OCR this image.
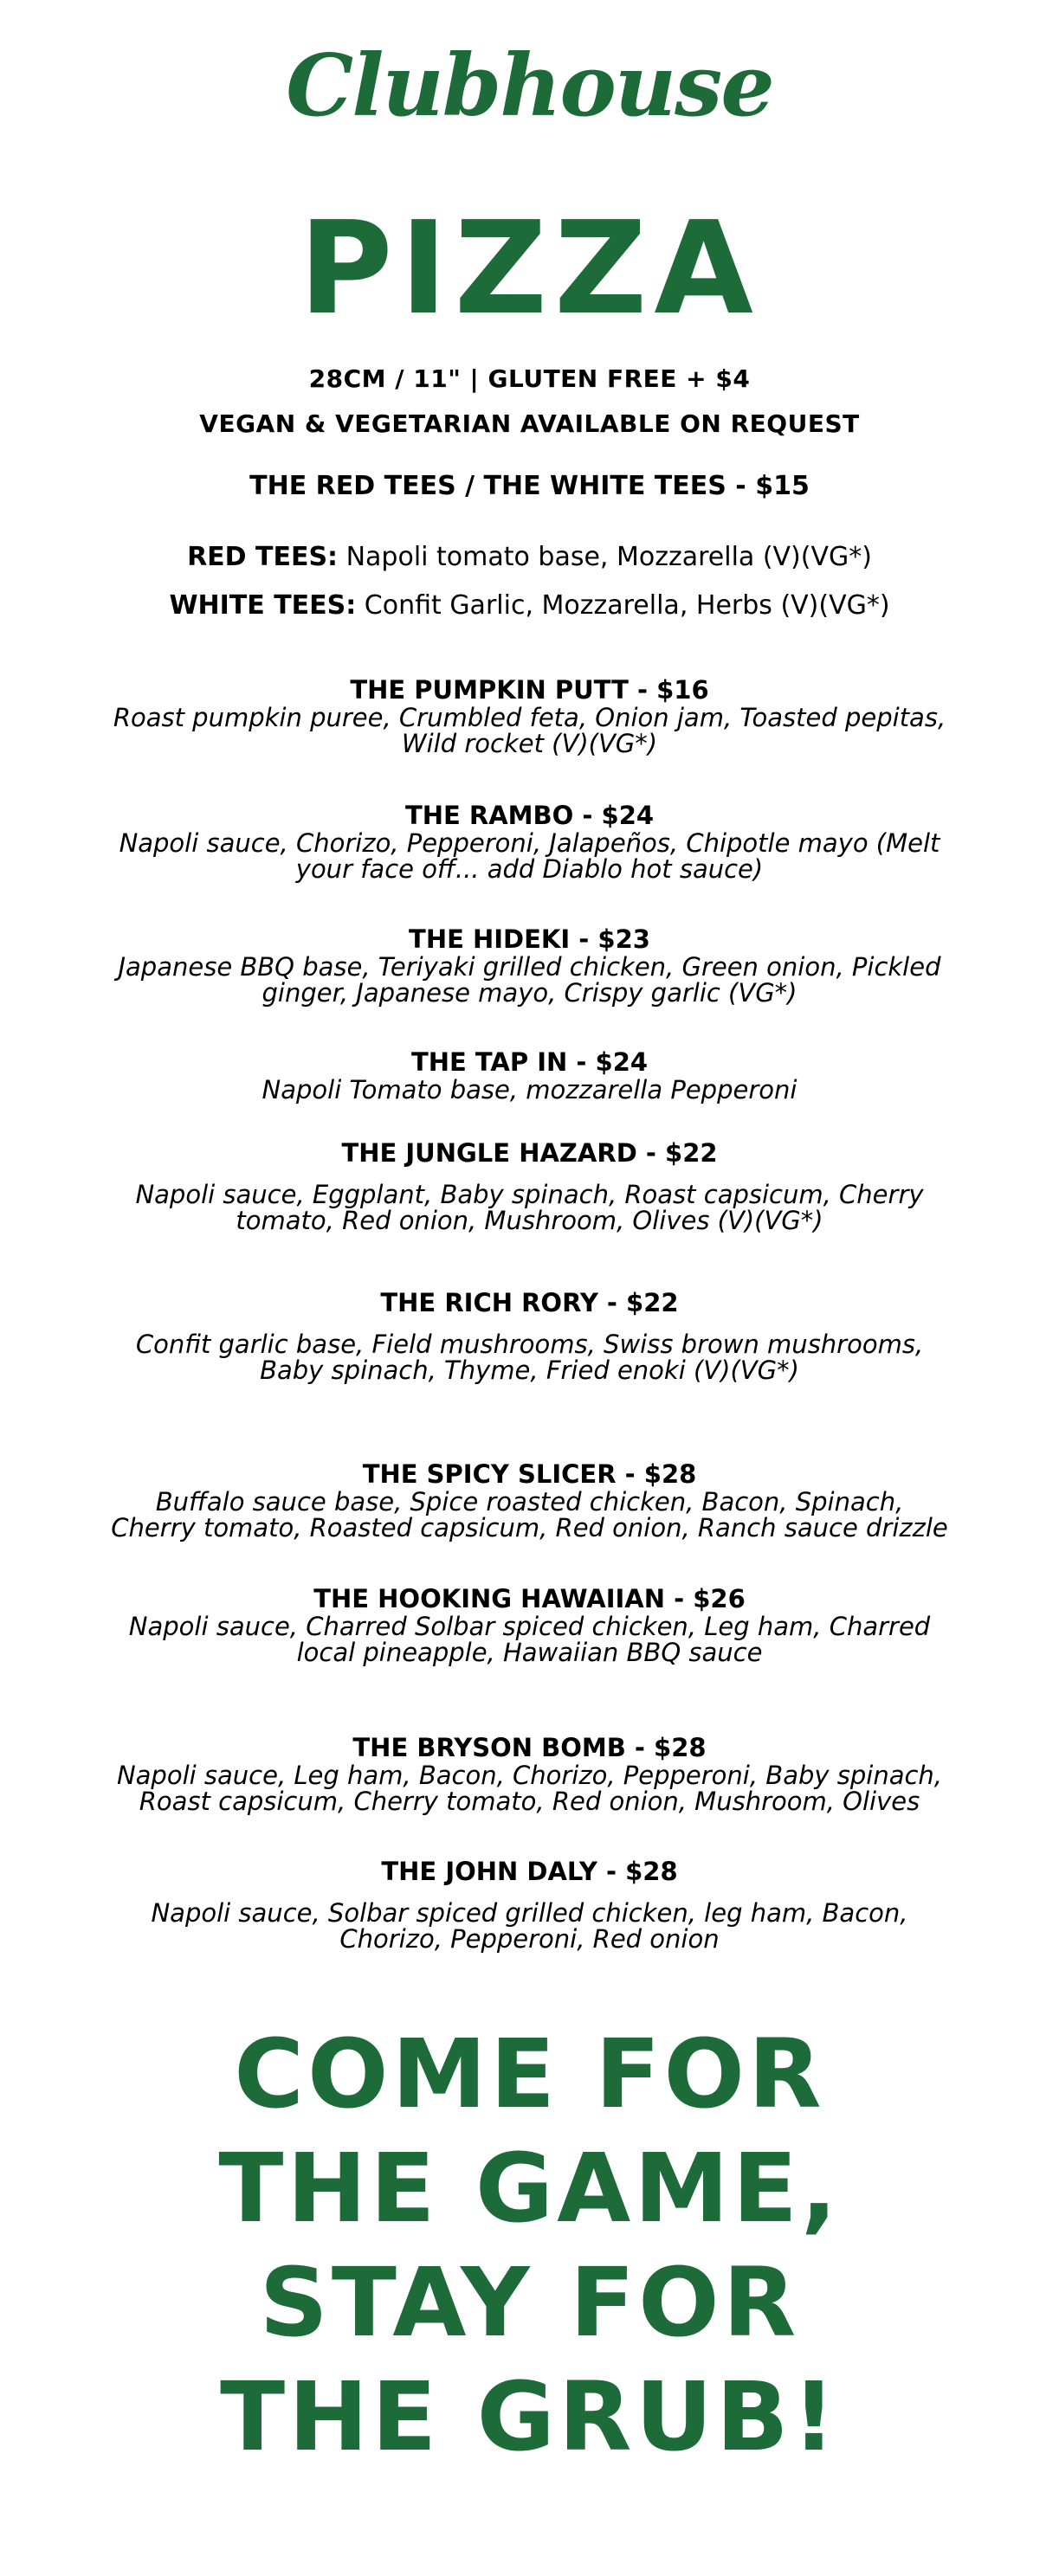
Clubhouse
PIZZA
28CM / 11" | GLUTEN FREE + $4
VEGAN & VEGETARIAN AVAILABLE ON REQUEST
THE RED TEES / THE WHITE TEES - $15
RED TEES: Napoli tomato base, Mozzarella (V)(VG*)
WHITE TEES: Confit Garlic, Mozzarella, Herbs (V)(VG*)
THE PUMPKIN PUTT - $16
Roast pumpkin puree, Crumbled feta, Onion jam, Toasted pepitas,
Wild rocket (V)(VG*)
THE RAMBO - $24
Napoli sauce, Chorizo, Pepperoni, Jalapeños, Chipotle mayo (Melt
your face off... add Diablo hot sauce)
THE HIDEKI - $23
Japanese BBQ base, Teriyaki grilled chicken, Green onion, Pickled
ginger, Japanese mayo, Crispy garlic (VG*)
THE TAP IN - $24
Napoli Tomato base, mozzarella Pepperoni
THE JUNGLE HAZARD - $22
Napoli sauce, Eggplant, Baby spinach, Roast capsicum, Cherry
tomato, Red onion, Mushroom, Olives (V)(VG*)
THE RICH RORY - $22
Confit garlic base, Field mushrooms, Swiss brown mushrooms,
Baby spinach, Thyme, Fried enoki (V)(VG*)
THE SPICY SLICER - $28
Buffalo sauce base, Spice roasted chicken, Bacon, Spinach,
Cherry tomato, Roasted capsicum, Red onion, Ranch sauce drizzle
THE HOOKING HAWAIIAN - $26
Napoli sauce, Charred Solbar spiced chicken, Leg ham, Charred
local pineapple, Hawaiian BBQ sauce
THE BRYSON BOMB - $28
Napoli sauce, Leg ham, Bacon, Chorizo, Pepperoni, Baby spinach,
Roast capsicum, Cherry tomato, Red onion, Mushroom, Olives
THE JOHN DALY - $28
Napoli sauce, Solbar spiced grilled chicken, leg ham, Bacon,
Chorizo, Pepperoni, Red onion
COME FOR
THE GAME,
STAY FOR
THE GRUB!
